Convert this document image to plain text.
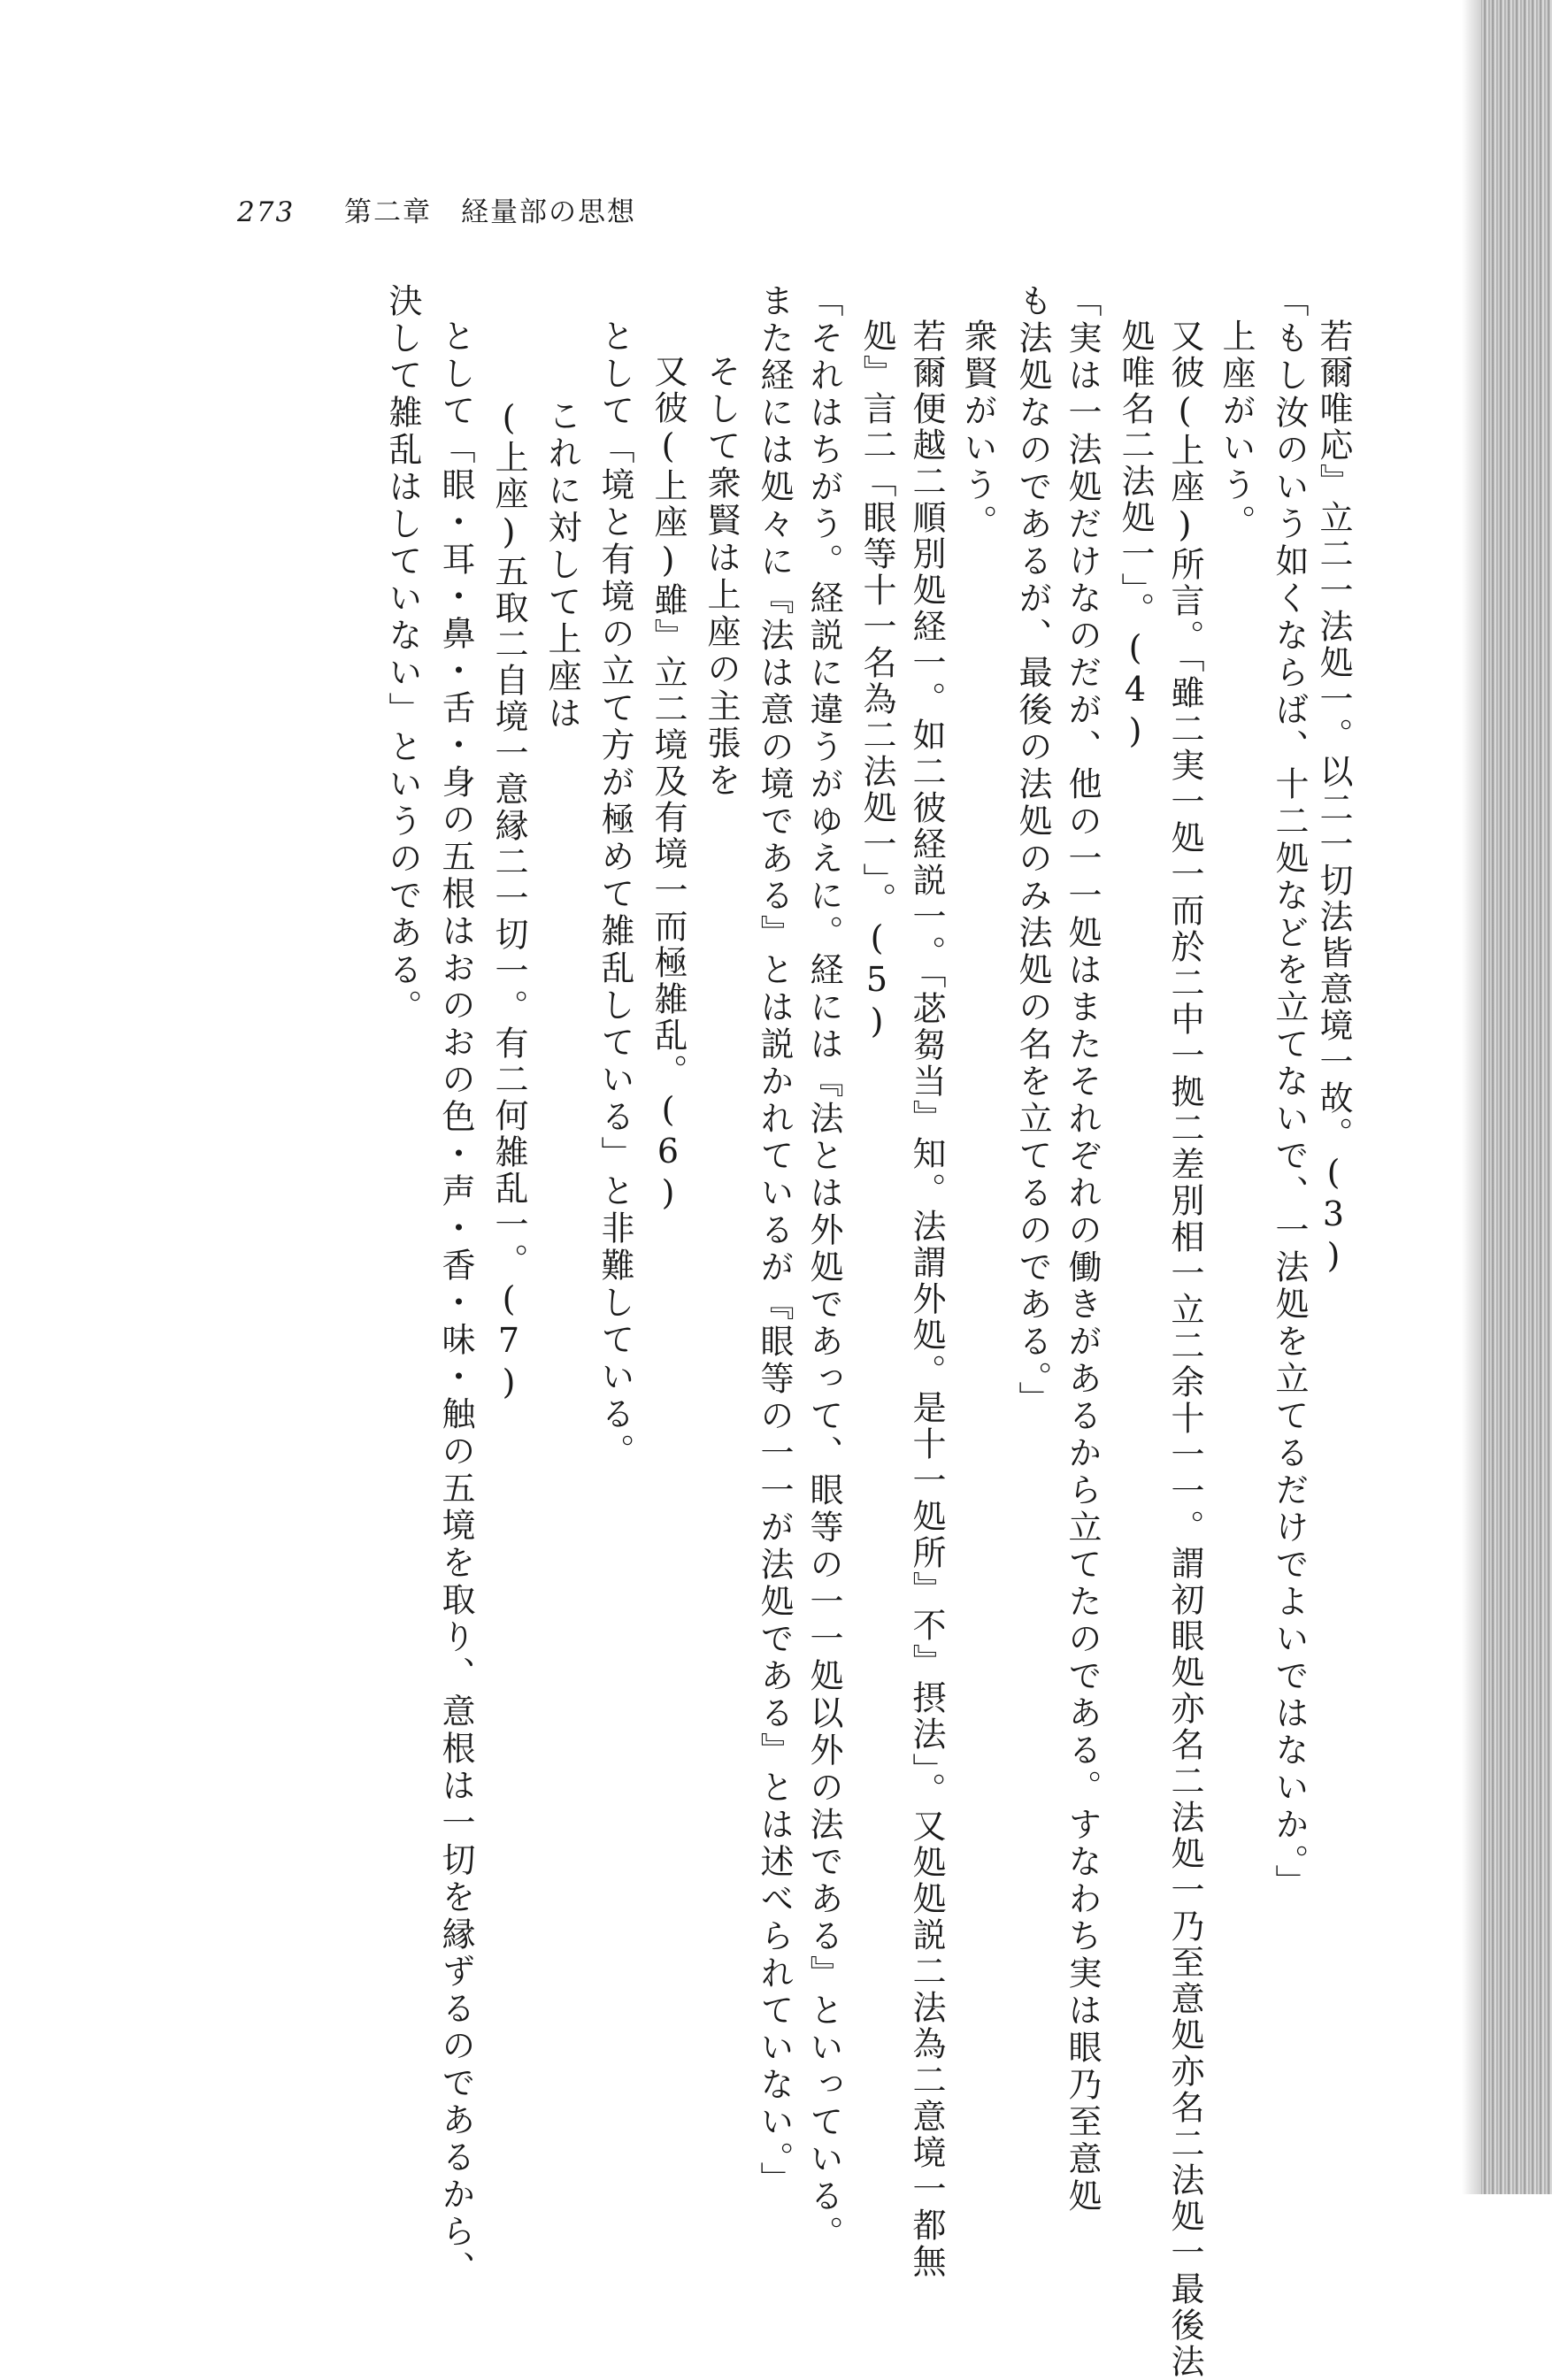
273 第二章　経量部の思想
若爾唯応』立二一法処一。以二一切法皆意境一故。(3)
「もし汝のいう如くならば、十二処などを立てないで、一法処を立てるだけでよいではないか。」
上座がいう。
又彼(上座)所言。「雖二実一処一而於二中一拠二差別相一立二余十一一。謂初眼処亦名二法処一乃至意処亦名二法処一最後法
処唯名二法処一」。(4)
「実は一法処だけなのだが、他の一一処はまたそれぞれの働きがあるから立てたのである。すなわち実は眼乃至意処
も法処なのであるが、最後の法処のみ法処の名を立てるのである。」
衆賢がいう。
若爾便越二順別処経一。如二彼経説一。「苾芻当』知。法謂外処。是十一処所』不』摂法」。又処処説二法為二意境一都無
処』言二「眼等十一名為二法処一」。(5)
「それはちがう。経説に違うがゆえに。経には『法とは外処であって、眼等の一一処以外の法である』といっている。
また経には処々に『法は意の境である』とは説かれているが『眼等の一一が法処である』とは述べられていない。」
そして衆賢は上座の主張を
又彼(上座)雖』立二境及有境一而極雑乱。(6)
として「境と有境の立て方が極めて雑乱している」と非難している。
これに対して上座は
(上座)五取二自境一意縁二一切一。有二何雑乱一。(7)
として「眼・耳・鼻・舌・身の五根はおのおの色・声・香・味・触の五境を取り、意根は一切を縁ずるのであるから、
決して雑乱はしていない」というのである。
